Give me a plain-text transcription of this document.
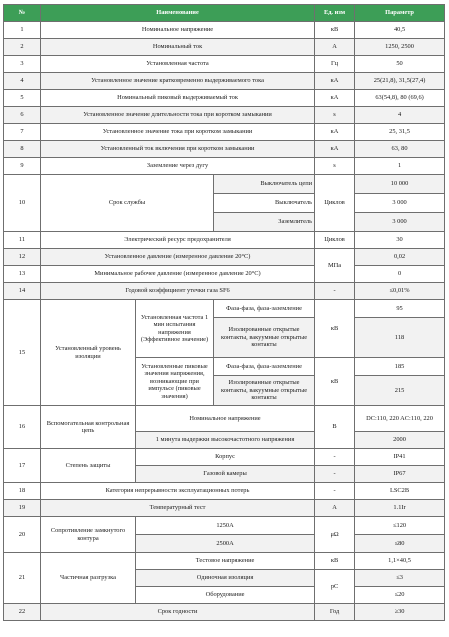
№	Наименование			Ед. изм	Параметр
1	Номинальное напряжение			кВ	40,5
2	Номинальный ток			А	1250, 2500
3	Установленная частота			Гц	50
4	Установленное значение кратковременно выдерживаемого тока			кА	25(21,8), 31,5(27,4)
5	Номинальный пиковый выдерживаемый ток			кА	63(54,8), 80 (69,6)
6	Установленное значение длительности тока при коротком замыкании			s	4
7	Установленное значение тока при коротком замыкании			кА	25, 31,5
8	Установленный ток включения при коротком замыкании			кА	63, 80
9	Заземление через дугу			s	1
10	Срок службы		Выключатель цепи	Циклов	10 000
			Выключатель		3 000
			Заземлитель		3 000
11	Электрический ресурс предохранителя			Циклов	30
12	Установленное давление (измеренное давление 20°C)			МПа	0,02
13	Минимальное рабочее давление (измеренное давление 20°C)				0
14	Годовой коэффициент утечки газа SF6			-	≤0,01%
15	Установленный уровень изоляции	Установленная частота 1 мин испытания напряжения (Эффективное значение)	Фаза-фаза, фаза-заземление	кВ	95
			Изолированные открытые контакты, вакуумные открытые контакты		118
		Установленные пиковые значения напряжения, возникающие при импульсе (пиковые значения)	Фаза-фаза, фаза-заземление	кВ	185
			Изолированные открытые контакты, вакуумные открытые контакты		215
16	Вспомогательная контрольная цепь	Номинальное напряжение		В	DC:110, 220 AC:110, 220
		1 минута выдержки высокочастотного напряжения			2000
17	Степень защиты	Корпус		-	IP41
		Газовой камеры		-	IP67
18	Категория непрерывности эксплуатационных потерь			-	LSC2B
19	Температурный тест			А	1.1Ir
20	Сопротивление замкнутого контура	1250А		μΩ	≤120
		2500А			≤80
21	Частичная разгрузка	Тестовое напряжение		кВ	1,1×40,5
		Одиночная изоляция		pC	≤3
		Оборудование			≤20
22	Срок годности			Год	≥30
